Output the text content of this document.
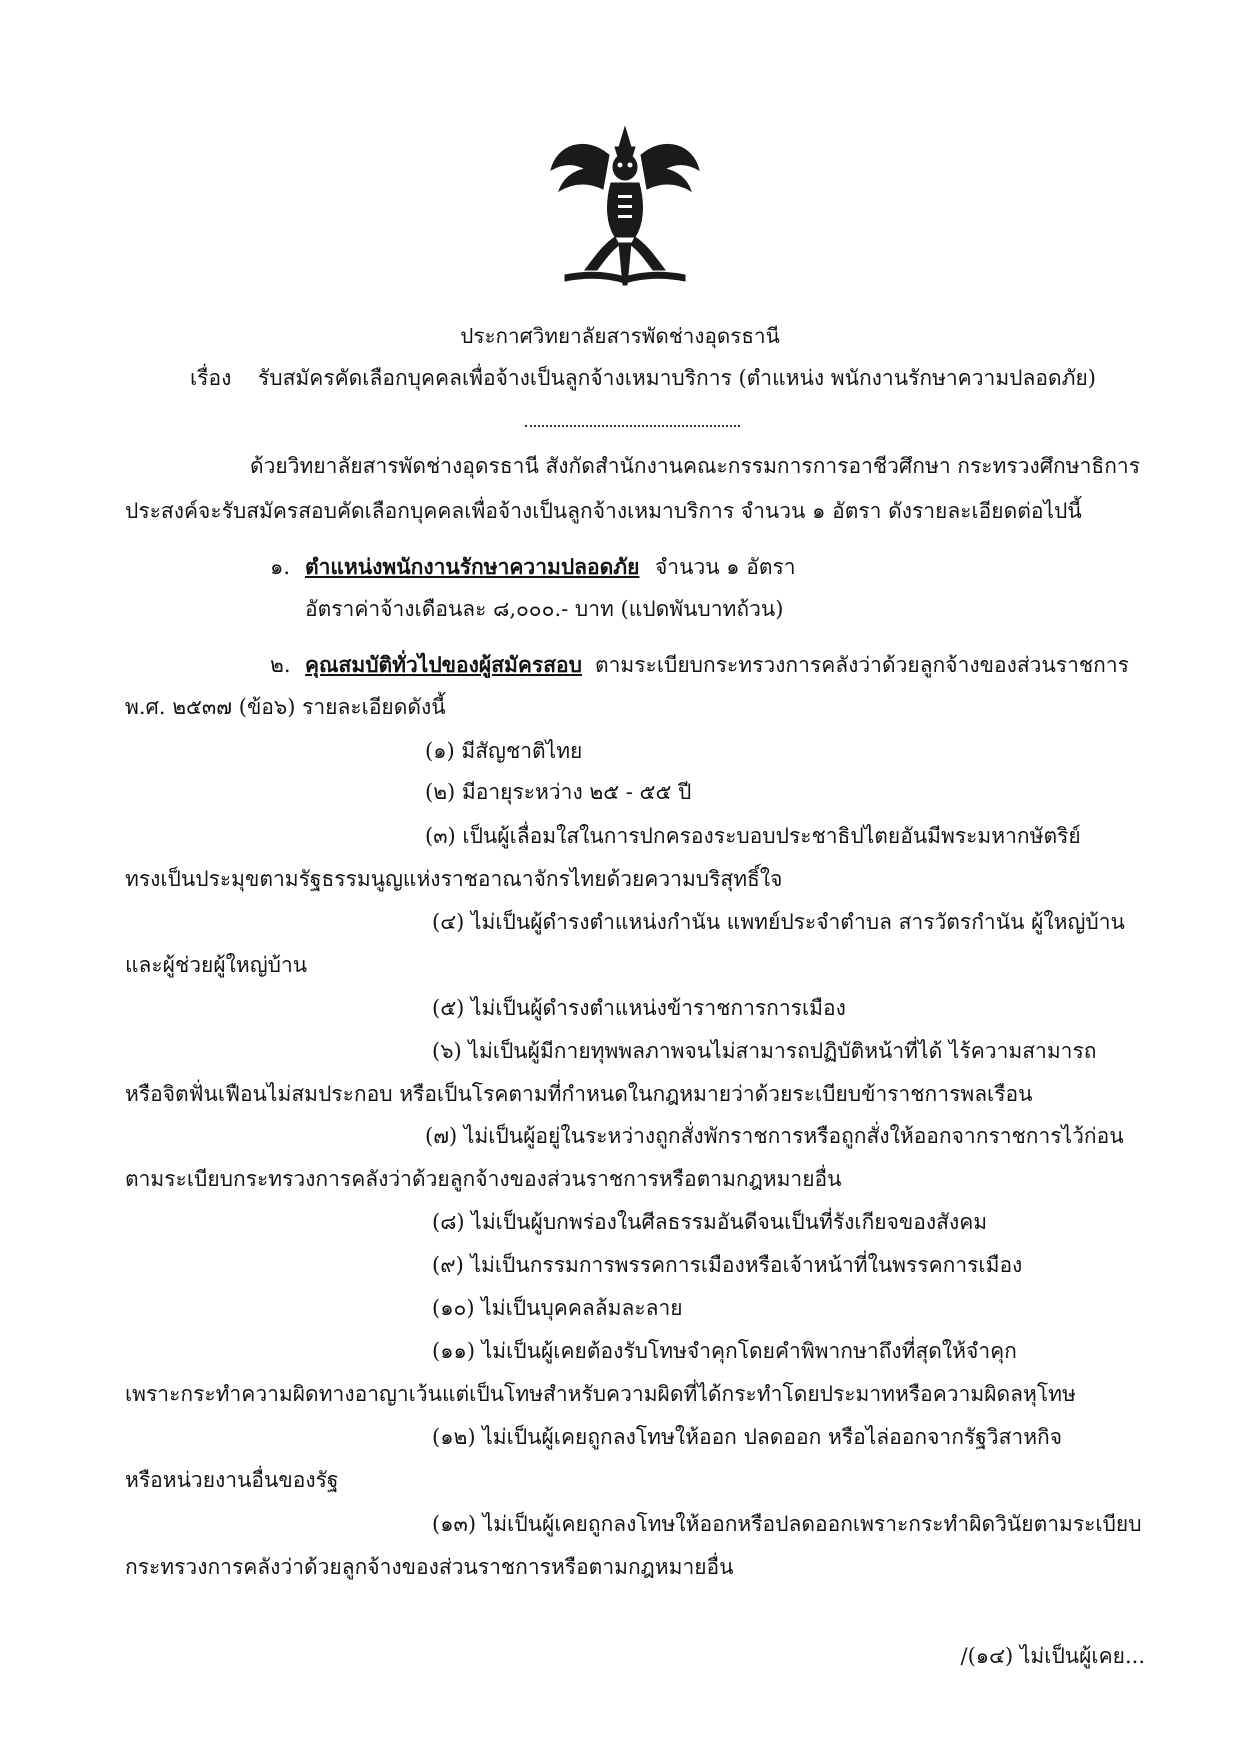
ประกาศวิทยาลัยสารพัดช่างอุดรธานี
เรื่อง รับสมัครคัดเลือกบุคคลเพื่อจ้างเป็นลูกจ้างเหมาบริการ (ตำแหน่ง พนักงานรักษาความปลอดภัย)
ด้วยวิทยาลัยสารพัดช่างอุดรธานี สังกัดสำนักงานคณะกรรมการการอาชีวศึกษา กระทรวงศึกษาธิการ
ประสงค์จะรับสมัครสอบคัดเลือกบุคคลเพื่อจ้างเป็นลูกจ้างเหมาบริการ จำนวน ๑ อัตรา ดังรายละเอียดต่อไปนี้
๑. ตำแหน่งพนักงานรักษาความปลอดภัย จำนวน ๑ อัตรา
อัตราค่าจ้างเดือนละ ๘,๐๐๐.- บาท (แปดพันบาทถ้วน)
๒. คุณสมบัติทั่วไปของผู้สมัครสอบ ตามระเบียบกระทรวงการคลังว่าด้วยลูกจ้างของส่วนราชการ
พ.ศ. ๒๕๓๗ (ข้อ๖) รายละเอียดดังนี้
(๑) มีสัญชาติไทย
(๒) มีอายุระหว่าง ๒๕ - ๕๕ ปี
(๓) เป็นผู้เลื่อมใสในการปกครองระบอบประชาธิปไตยอันมีพระมหากษัตริย์
ทรงเป็นประมุขตามรัฐธรรมนูญแห่งราชอาณาจักรไทยด้วยความบริสุทธิ์ใจ
(๔) ไม่เป็นผู้ดำรงตำแหน่งกำนัน แพทย์ประจำตำบล สารวัตรกำนัน ผู้ใหญ่บ้าน
และผู้ช่วยผู้ใหญ่บ้าน
(๕) ไม่เป็นผู้ดำรงตำแหน่งข้าราชการการเมือง
(๖) ไม่เป็นผู้มีกายทุพพลภาพจนไม่สามารถปฏิบัติหน้าที่ได้ ไร้ความสามารถ
หรือจิตฟั่นเฟือนไม่สมประกอบ หรือเป็นโรคตามที่กำหนดในกฎหมายว่าด้วยระเบียบข้าราชการพลเรือน
(๗) ไม่เป็นผู้อยู่ในระหว่างถูกสั่งพักราชการหรือถูกสั่งให้ออกจากราชการไว้ก่อน
ตามระเบียบกระทรวงการคลังว่าด้วยลูกจ้างของส่วนราชการหรือตามกฎหมายอื่น
(๘) ไม่เป็นผู้บกพร่องในศีลธรรมอันดีจนเป็นที่รังเกียจของสังคม
(๙) ไม่เป็นกรรมการพรรคการเมืองหรือเจ้าหน้าที่ในพรรคการเมือง
(๑๐) ไม่เป็นบุคคลล้มละลาย
(๑๑) ไม่เป็นผู้เคยต้องรับโทษจำคุกโดยคำพิพากษาถึงที่สุดให้จำคุก
เพราะกระทำความผิดทางอาญาเว้นแต่เป็นโทษสำหรับความผิดที่ได้กระทำโดยประมาทหรือความผิดลหุโทษ
(๑๒) ไม่เป็นผู้เคยถูกลงโทษให้ออก ปลดออก หรือไล่ออกจากรัฐวิสาหกิจ
หรือหน่วยงานอื่นของรัฐ
(๑๓) ไม่เป็นผู้เคยถูกลงโทษให้ออกหรือปลดออกเพราะกระทำผิดวินัยตามระเบียบ
กระทรวงการคลังว่าด้วยลูกจ้างของส่วนราชการหรือตามกฎหมายอื่น
/(๑๔) ไม่เป็นผู้เคย...
